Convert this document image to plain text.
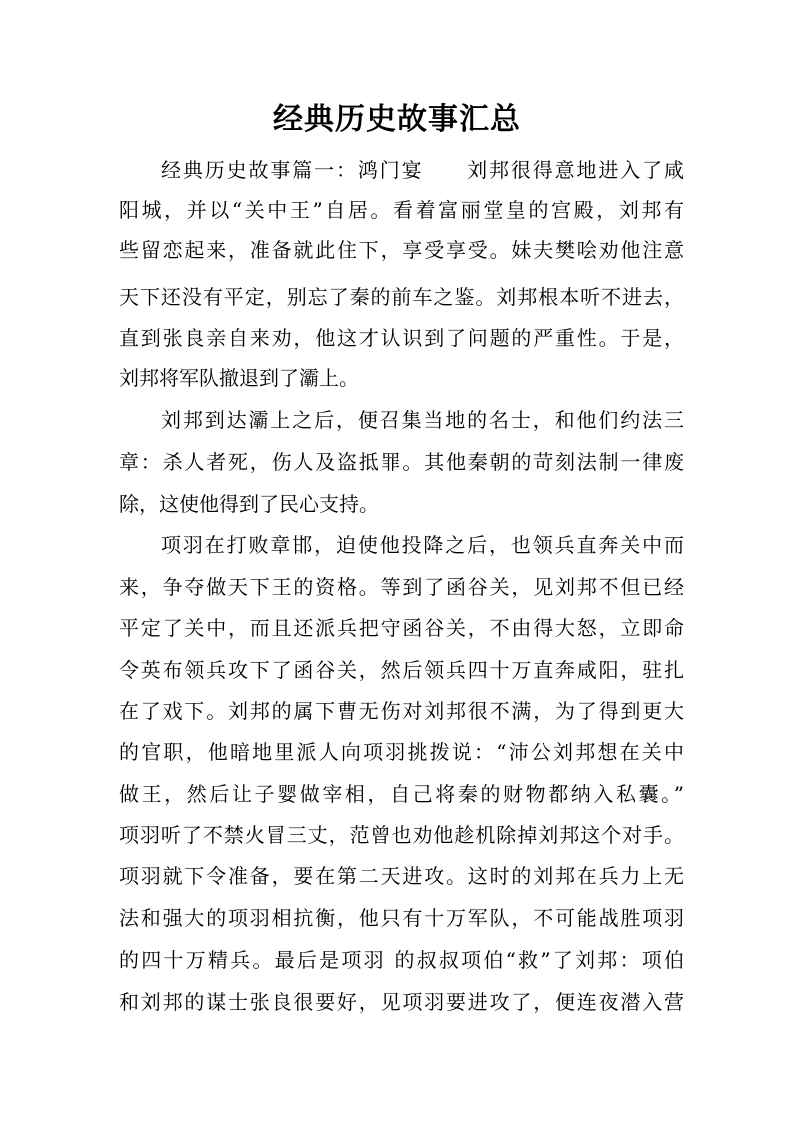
经典历史故事汇总
经典历史故事篇一：鸿门宴　　刘邦很得意地进入了咸
阳城，并以“关中王”自居。看着富丽堂皇的宫殿，刘邦有
些留恋起来，准备就此住下，享受享受。妹夫樊哙劝他注意
天下还没有平定，别忘了秦的前车之鉴。刘邦根本听不进去，
直到张良亲自来劝，他这才认识到了问题的严重性。于是，
刘邦将军队撤退到了灞上。
刘邦到达灞上之后，便召集当地的名士，和他们约法三
章：杀人者死，伤人及盗抵罪。其他秦朝的苛刻法制一律废
除，这使他得到了民心支持。
项羽在打败章邯，迫使他投降之后，也领兵直奔关中而
来，争夺做天下王的资格。等到了函谷关，见刘邦不但已经
平定了关中，而且还派兵把守函谷关，不由得大怒，立即命
令英布领兵攻下了函谷关，然后领兵四十万直奔咸阳，驻扎
在了戏下。刘邦的属下曹无伤对刘邦很不满，为了得到更大
的官职，他暗地里派人向项羽挑拨说：“沛公刘邦想在关中
做王，然后让子婴做宰相，自己将秦的财物都纳入私囊。”
项羽听了不禁火冒三丈，范曾也劝他趁机除掉刘邦这个对手。
项羽就下令准备，要在第二天进攻。这时的刘邦在兵力上无
法和强大的项羽相抗衡，他只有十万军队，不可能战胜项羽
的四十万精兵。最后是项羽 的叔叔项伯“救”了刘邦：项伯
和刘邦的谋士张良很要好，见项羽要进攻了，便连夜潜入营
